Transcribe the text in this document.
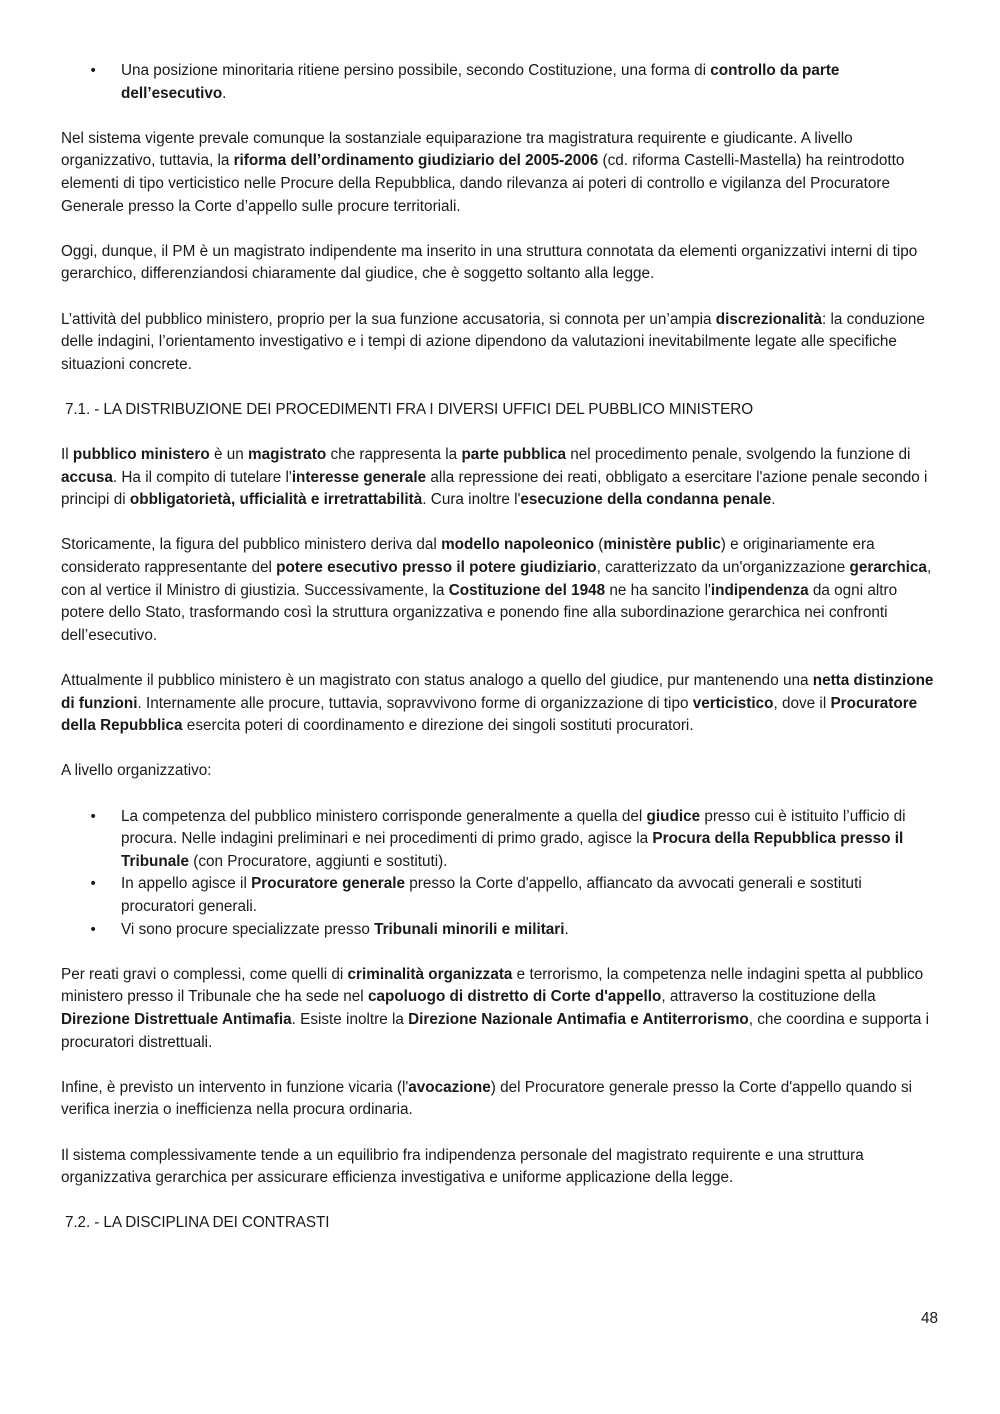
• Una posizione minoritaria ritiene persino possibile, secondo Costituzione, una forma di controllo da parte dell’esecutivo.

Nel sistema vigente prevale comunque la sostanziale equiparazione tra magistratura requirente e giudicante. A livello organizzativo, tuttavia, la riforma dell’ordinamento giudiziario del 2005-2006 (cd. riforma Castelli-Mastella) ha reintrodotto elementi di tipo verticistico nelle Procure della Repubblica, dando rilevanza ai poteri di controllo e vigilanza del Procuratore Generale presso la Corte d’appello sulle procure territoriali.

Oggi, dunque, il PM è un magistrato indipendente ma inserito in una struttura connotata da elementi organizzativi interni di tipo gerarchico, differenziandosi chiaramente dal giudice, che è soggetto soltanto alla legge.

L’attività del pubblico ministero, proprio per la sua funzione accusatoria, si connota per un’ampia discrezionalità: la conduzione delle indagini, l’orientamento investigativo e i tempi di azione dipendono da valutazioni inevitabilmente legate alle specifiche situazioni concrete.

7.1. - LA DISTRIBUZIONE DEI PROCEDIMENTI FRA I DIVERSI UFFICI DEL PUBBLICO MINISTERO

Il pubblico ministero è un magistrato che rappresenta la parte pubblica nel procedimento penale, svolgendo la funzione di accusa. Ha il compito di tutelare l'interesse generale alla repressione dei reati, obbligato a esercitare l'azione penale secondo i principi di obbligatorietà, ufficialità e irretrattabilità. Cura inoltre l'esecuzione della condanna penale.

Storicamente, la figura del pubblico ministero deriva dal modello napoleonico (ministère public) e originariamente era considerato rappresentante del potere esecutivo presso il potere giudiziario, caratterizzato da un'organizzazione gerarchica, con al vertice il Ministro di giustizia. Successivamente, la Costituzione del 1948 ne ha sancito l'indipendenza da ogni altro potere dello Stato, trasformando così la struttura organizzativa e ponendo fine alla subordinazione gerarchica nei confronti dell’esecutivo.

Attualmente il pubblico ministero è un magistrato con status analogo a quello del giudice, pur mantenendo una netta distinzione di funzioni. Internamente alle procure, tuttavia, sopravvivono forme di organizzazione di tipo verticistico, dove il Procuratore della Repubblica esercita poteri di coordinamento e direzione dei singoli sostituti procuratori.

A livello organizzativo:

• La competenza del pubblico ministero corrisponde generalmente a quella del giudice presso cui è istituito l’ufficio di procura. Nelle indagini preliminari e nei procedimenti di primo grado, agisce la Procura della Repubblica presso il Tribunale (con Procuratore, aggiunti e sostituti).
• In appello agisce il Procuratore generale presso la Corte d'appello, affiancato da avvocati generali e sostituti procuratori generali.
• Vi sono procure specializzate presso Tribunali minorili e militari.

Per reati gravi o complessi, come quelli di criminalità organizzata e terrorismo, la competenza nelle indagini spetta al pubblico ministero presso il Tribunale che ha sede nel capoluogo di distretto di Corte d'appello, attraverso la costituzione della Direzione Distrettuale Antimafia. Esiste inoltre la Direzione Nazionale Antimafia e Antiterrorismo, che coordina e supporta i procuratori distrettuali.

Infine, è previsto un intervento in funzione vicaria (l'avocazione) del Procuratore generale presso la Corte d'appello quando si verifica inerzia o inefficienza nella procura ordinaria.

Il sistema complessivamente tende a un equilibrio fra indipendenza personale del magistrato requirente e una struttura organizzativa gerarchica per assicurare efficienza investigativa e uniforme applicazione della legge.

7.2. - LA DISCIPLINA DEI CONTRASTI
48
